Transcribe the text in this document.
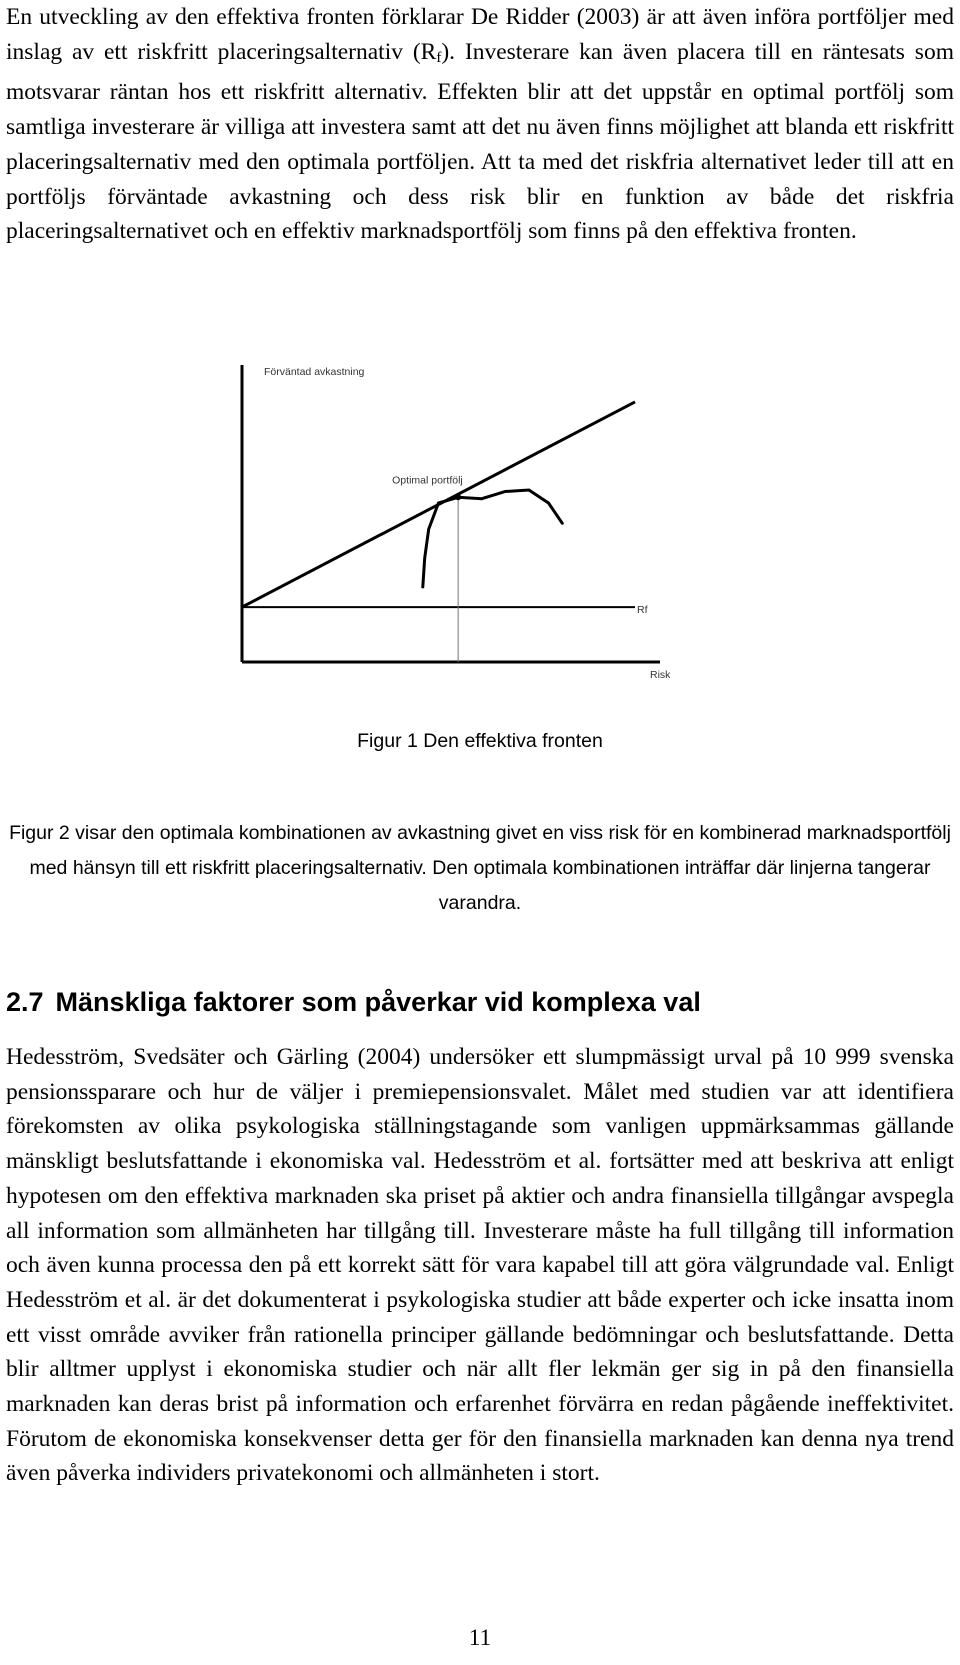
En utveckling av den effektiva fronten förklarar De Ridder (2003) är att även införa portföljer med inslag av ett riskfritt placeringsalternativ $(R_f)$. Investerare kan även placera till en räntesats som motsvarar räntan hos ett riskfritt alternativ. Effekten blir att det uppstår en optimal portfölj som samtliga investerare är villiga att investera samt att det nu även finns möjlighet att blanda ett riskfritt placeringsalternativ med den optimala portföljen. Att ta med det riskfria alternativet leder till att en portföljs förväntade avkastning och dess risk blir en funktion av både det riskfria placeringsalternativet och en effektiv marknadsportfölj som finns på den effektiva fronten.

Förväntad avkastning
Risk
Rf
Optimal portfölj

Figur 1 Den effektiva fronten

Figur 2 visar den optimala kombinationen av avkastning givet en viss risk för en kombinerad marknadsportfölj med hänsyn till ett riskfritt placeringsalternativ. Den optimala kombinationen inträffar där linjerna tangerar varandra.

2.7 Mänskliga faktorer som påverkar vid komplexa val

Hedesström, Svedsäter och Gärling (2004) undersöker ett slumpmässigt urval på 10 999 svenska pensionssparare och hur de väljer i premiepensionsvalet. Målet med studien var att identifiera förekomsten av olika psykologiska ställningstagande som vanligen uppmärksammas gällande mänskligt beslutsfattande i ekonomiska val. Hedesström et al. fortsätter med att beskriva att enligt hypotesen om den effektiva marknaden ska priset på aktier och andra finansiella tillgångar avspegla all information som allmänheten har tillgång till. Investerare måste ha full tillgång till information och även kunna processa den på ett korrekt sätt för vara kapabel till att göra välgrundade val. Enligt Hedesström et al. är det dokumenterat i psykologiska studier att både experter och icke insatta inom ett visst område avviker från rationella principer gällande bedömningar och beslutsfattande. Detta blir alltmer upplyst i ekonomiska studier och när allt fler lekmän ger sig in på den finansiella marknaden kan deras brist på information och erfarenhet förvärra en redan pågående ineffektivitet. Förutom de ekonomiska konsekvenser detta ger för den finansiella marknaden kan denna nya trend även påverka individers privatekonomi och allmänheten i stort.

11
